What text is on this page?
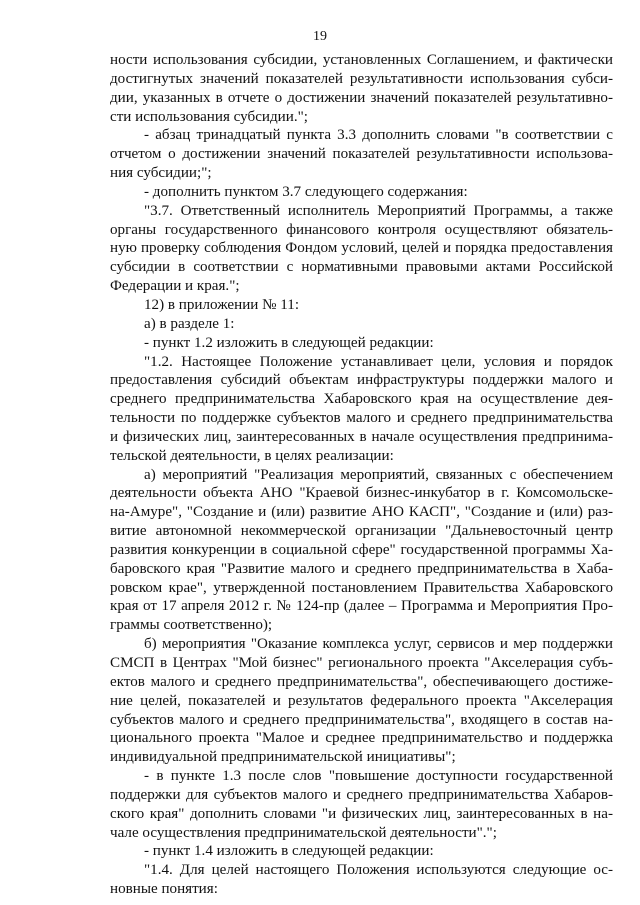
19
ности использования субсидии, установленных Соглашением, и фактически
достигнутых значений показателей результативности использования субси-
дии, указанных в отчете о достижении значений показателей результативно-
сти использования субсидии.";
- абзац тринадцатый пункта 3.3 дополнить словами "в соответствии с
отчетом о достижении значений показателей результативности использова-
ния субсидии;";
- дополнить пунктом 3.7 следующего содержания:
"3.7. Ответственный исполнитель Мероприятий Программы, а также
органы государственного финансового контроля осуществляют обязатель-
ную проверку соблюдения Фондом условий, целей и порядка предоставления
субсидии в соответствии с нормативными правовыми актами Российской
Федерации и края.";
12) в приложении № 11:
а) в разделе 1:
- пункт 1.2 изложить в следующей редакции:
"1.2. Настоящее Положение устанавливает цели, условия и порядок
предоставления субсидий объектам инфраструктуры поддержки малого и
среднего предпринимательства Хабаровского края на осуществление дея-
тельности по поддержке субъектов малого и среднего предпринимательства
и физических лиц, заинтересованных в начале осуществления предпринима-
тельской деятельности, в целях реализации:
а) мероприятий "Реализация мероприятий, связанных с обеспечением
деятельности объекта АНО "Краевой бизнес-инкубатор в г. Комсомольске-
на-Амуре", "Создание и (или) развитие АНО КАСП", "Создание и (или) раз-
витие автономной некоммерческой организации "Дальневосточный центр
развития конкуренции в социальной сфере" государственной программы Ха-
баровского края "Развитие малого и среднего предпринимательства в Хаба-
ровском крае", утвержденной постановлением Правительства Хабаровского
края от 17 апреля 2012 г. № 124-пр (далее – Программа и Мероприятия Про-
граммы соответственно);
б) мероприятия "Оказание комплекса услуг, сервисов и мер поддержки
СМСП в Центрах "Мой бизнес" регионального проекта "Акселерация субъ-
ектов малого и среднего предпринимательства", обеспечивающего достиже-
ние целей, показателей и результатов федерального проекта "Акселерация
субъектов малого и среднего предпринимательства", входящего в состав на-
ционального проекта "Малое и среднее предпринимательство и поддержка
индивидуальной предпринимательской инициативы";
- в пункте 1.3 после слов "повышение доступности государственной
поддержки для субъектов малого и среднего предпринимательства Хабаров-
ского края" дополнить словами "и физических лиц, заинтересованных в на-
чале осуществления предпринимательской деятельности".";
- пункт 1.4 изложить в следующей редакции:
"1.4. Для целей настоящего Положения используются следующие ос-
новные понятия:
